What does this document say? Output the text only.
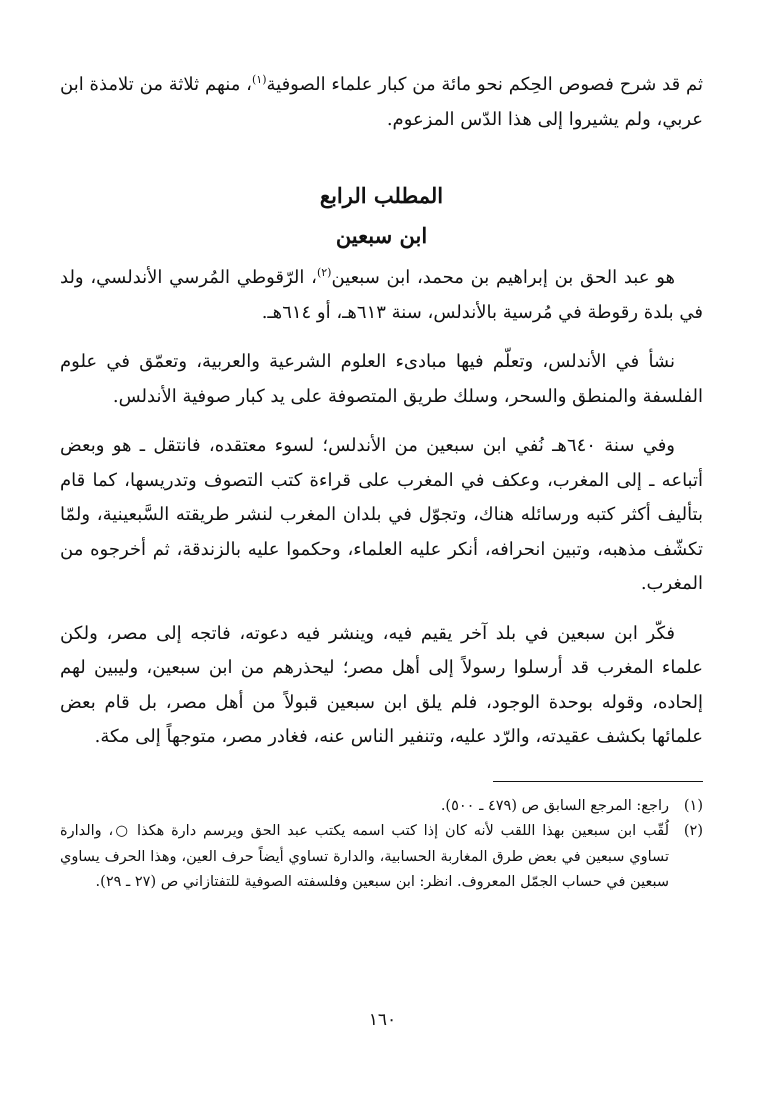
ثم قد شرح فصوص الحِكم نحو مائة من كبار علماء الصوفية$^{(١)}$، منهم ثلاثة من تلامذة ابن عربي، ولم يشيروا إلى هذا الدّس المزعوم.

المطلب الرابع
ابن سبعين

هو عبد الحق بن إبراهيم بن محمد، ابن سبعين$^{(٢)}$، الرّقوطي المُرسي الأندلسي، ولد في بلدة رقوطة في مُرسية بالأندلس، سنة ٦١٣هـ، أو ٦١٤هـ.

نشأ في الأندلس، وتعلّم فيها مبادىء العلوم الشرعية والعربية، وتعمّق في علوم الفلسفة والمنطق والسحر، وسلك طريق المتصوفة على يد كبار صوفية الأندلس.

وفي سنة ٦٤٠هـ نُفي ابن سبعين من الأندلس؛ لسوء معتقده، فانتقل ـ هو وبعض أتباعه ـ إلى المغرب، وعكف في المغرب على قراءة كتب التصوف وتدريسها، كما قام بتأليف أكثر كتبه ورسائله هناك، وتجوّل في بلدان المغرب لنشر طريقته السَّبعينية، ولمّا تكشّف مذهبه، وتبين انحرافه، أنكر عليه العلماء، وحكموا عليه بالزندقة، ثم أخرجوه من المغرب.

فكّر ابن سبعين في بلد آخر يقيم فيه، وينشر فيه دعوته، فاتجه إلى مصر، ولكن علماء المغرب قد أرسلوا رسولاً إلى أهل مصر؛ ليحذرهم من ابن سبعين، وليبين لهم إلحاده، وقوله بوحدة الوجود، فلم يلق ابن سبعين قبولاً من أهل مصر، بل قام بعض علمائها بكشف عقيدته، والرّد عليه، وتنفير الناس عنه، فغادر مصر، متوجهاً إلى مكة.

(١)
راجع: المرجع السابق ص (٤٧٩ ـ ٥٠٠).
(٢)
لُقّب ابن سبعين بهذا اللقب لأنه كان إذا كتب اسمه يكتب عبد الحق ويرسم دارة هكذا ○، والدارة تساوي سبعين في بعض طرق المغاربة الحسابية، والدارة تساوي أيضاً حرف العين، وهذا الحرف يساوي سبعين في حساب الجمّل المعروف. انظر: ابن سبعين وفلسفته الصوفية للتفتازاني ص (٢٧ ـ ٢٩).
١٦٠
